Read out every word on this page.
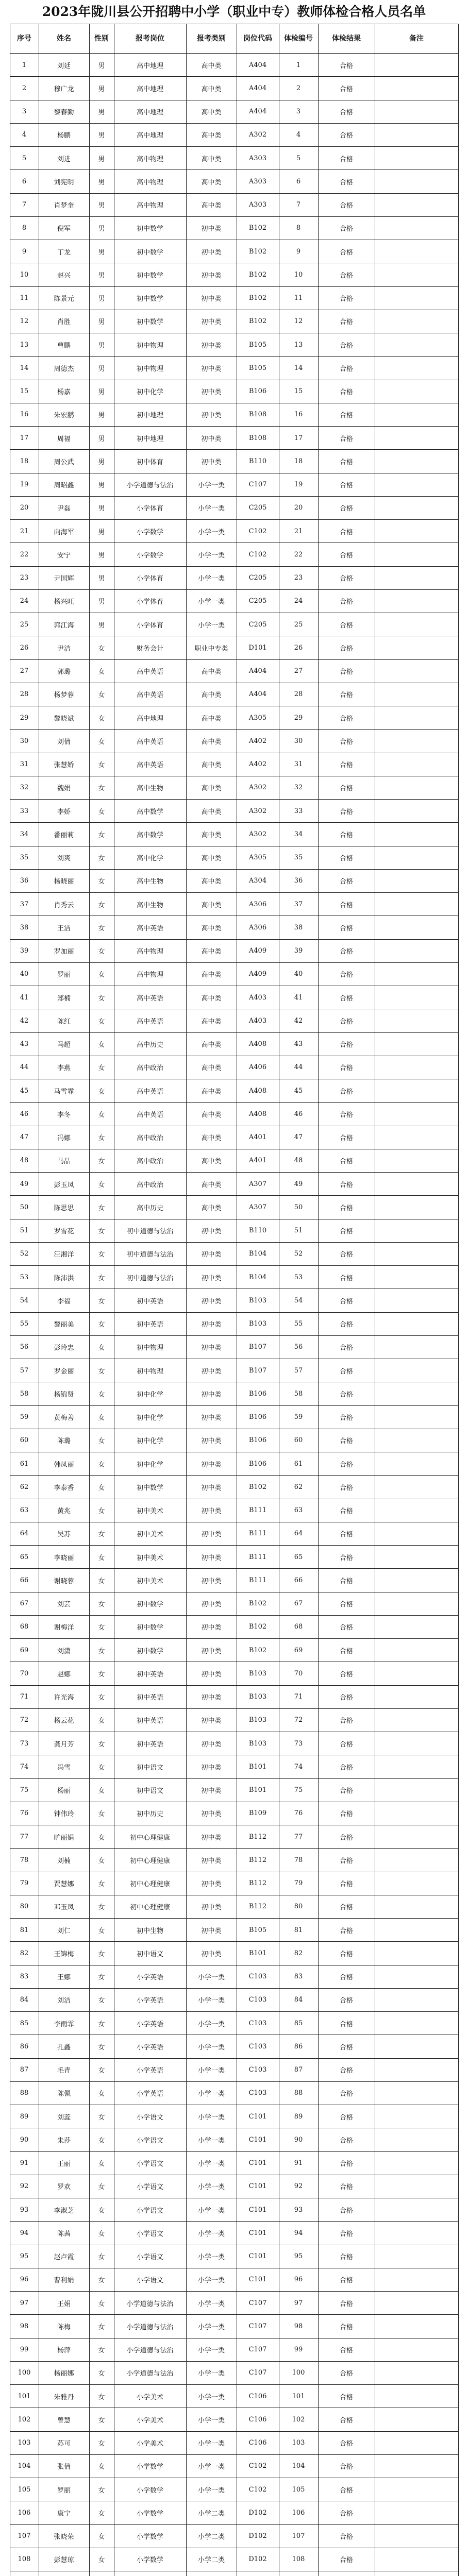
2023年陇川县公开招聘中小学（职业中专）教师体检合格人员名单
序号	姓名	性别	报考岗位	报考类别	岗位代码	体检编号	体检结果	备注
1	刘廷	男	高中地理	高中类	A404	1	合格	
2	穆广龙	男	高中地理	高中类	A404	2	合格	
3	黎春勤	男	高中地理	高中类	A404	3	合格	
4	杨鹏	男	高中地理	高中类	A302	4	合格	
5	刘进	男	高中物理	高中类	A303	5	合格	
6	刘宪明	男	高中物理	高中类	A303	6	合格	
7	肖梦奎	男	高中物理	高中类	A303	7	合格	
8	倪军	男	初中数学	初中类	B102	8	合格	
9	丁龙	男	初中数学	初中类	B102	9	合格	
10	赵兴	男	初中数学	初中类	B102	10	合格	
11	陈景元	男	初中数学	初中类	B102	11	合格	
12	肖胜	男	初中数学	初中类	B102	12	合格	
13	曹鹏	男	初中物理	初中类	B105	13	合格	
14	周德杰	男	初中物理	初中类	B105	14	合格	
15	杨嘉	男	初中化学	初中类	B106	15	合格	
16	朱宏鹏	男	初中地理	初中类	B108	16	合格	
17	周福	男	初中地理	初中类	B108	17	合格	
18	周公武	男	初中体育	初中类	B110	18	合格	
19	周昭鑫	男	小学道德与法治	小学一类	C107	19	合格	
20	尹磊	男	小学体育	小学一类	C205	20	合格	
21	向海军	男	小学数学	小学一类	C102	21	合格	
22	安宁	男	小学数学	小学一类	C102	22	合格	
23	尹国辉	男	小学体育	小学一类	C205	23	合格	
24	杨兴旺	男	小学体育	小学一类	C205	24	合格	
25	郭江海	男	小学体育	小学一类	C205	25	合格	
26	尹洁	女	财务会计	职业中专类	D101	26	合格	
27	郭璐	女	高中英语	高中类	A404	27	合格	
28	杨梦蓉	女	高中英语	高中类	A404	28	合格	
29	黎晓斌	女	高中地理	高中类	A305	29	合格	
30	刘倩	女	高中英语	高中类	A402	30	合格	
31	张慧娇	女	高中英语	高中类	A402	31	合格	
32	魏娟	女	高中生物	高中类	A302	32	合格	
33	李娇	女	高中数学	高中类	A302	33	合格	
34	番丽莉	女	高中数学	高中类	A302	34	合格	
35	刘爽	女	高中化学	高中类	A305	35	合格	
36	杨晓丽	女	高中生物	高中类	A304	36	合格	
37	肖秀云	女	高中生物	高中类	A306	37	合格	
38	王洁	女	高中英语	高中类	A306	38	合格	
39	罗加丽	女	高中物理	高中类	A409	39	合格	
40	罗丽	女	高中物理	高中类	A409	40	合格	
41	郑楠	女	高中英语	高中类	A403	41	合格	
42	陈红	女	高中英语	高中类	A403	42	合格	
43	马超	女	高中历史	高中类	A408	43	合格	
44	李燕	女	高中政治	高中类	A406	44	合格	
45	马雪霏	女	高中英语	高中类	A408	45	合格	
46	李冬	女	高中英语	高中类	A408	46	合格	
47	冯娜	女	高中政治	高中类	A401	47	合格	
48	马晶	女	高中政治	高中类	A401	48	合格	
49	彭玉凤	女	高中政治	高中类	A307	49	合格	
50	陈思思	女	高中历史	高中类	A307	50	合格	
51	罗雪花	女	初中道德与法治	初中类	B110	51	合格	
52	汪湘洋	女	初中道德与法治	初中类	B104	52	合格	
53	陈沛洪	女	初中道德与法治	初中类	B104	53	合格	
54	李福	女	初中英语	初中类	B103	54	合格	
55	黎丽美	女	初中英语	初中类	B103	55	合格	
56	彭玲忠	女	初中物理	初中类	B107	56	合格	
57	罗金丽	女	初中物理	初中类	B107	57	合格	
58	杨锦贤	女	初中化学	初中类	B106	58	合格	
59	黄梅善	女	初中化学	初中类	B106	59	合格	
60	陈璐	女	初中化学	初中类	B106	60	合格	
61	韩凤丽	女	初中化学	初中类	B106	61	合格	
62	李泰香	女	初中数学	初中类	B102	62	合格	
63	黄兆	女	初中美术	初中类	B111	63	合格	
64	吴苏	女	初中美术	初中类	B111	64	合格	
65	李晓丽	女	初中美术	初中类	B111	65	合格	
66	谢晓蓉	女	初中美术	初中类	B111	66	合格	
67	刘芸	女	初中数学	初中类	B102	67	合格	
68	谢梅洋	女	初中数学	初中类	B102	68	合格	
69	刘潇	女	初中数学	初中类	B102	69	合格	
70	赵娜	女	初中英语	初中类	B103	70	合格	
71	许光海	女	初中英语	初中类	B103	71	合格	
72	杨云花	女	初中英语	初中类	B103	72	合格	
73	龚月芳	女	初中英语	初中类	B103	73	合格	
74	冯雪	女	初中语文	初中类	B101	74	合格	
75	杨丽	女	初中语文	初中类	B101	75	合格	
76	钟伟玲	女	初中历史	初中类	B109	76	合格	
77	旷丽娟	女	初中心理健康	初中类	B112	77	合格	
78	刘楠	女	初中心理健康	初中类	B112	78	合格	
79	贾慧娜	女	初中心理健康	初中类	B112	79	合格	
80	邓玉凤	女	初中心理健康	初中类	B112	80	合格	
81	刘仁	女	初中生物	初中类	B105	81	合格	
82	王锦梅	女	初中语文	初中类	B101	82	合格	
83	王娜	女	小学英语	小学一类	C103	83	合格	
84	刘洁	女	小学英语	小学一类	C103	84	合格	
85	李雨霏	女	小学英语	小学一类	C103	85	合格	
86	孔鑫	女	小学英语	小学一类	C103	86	合格	
87	毛青	女	小学英语	小学一类	C103	87	合格	
88	陈佩	女	小学英语	小学一类	C103	88	合格	
89	刘蕊	女	小学语文	小学一类	C101	89	合格	
90	朱莎	女	小学语文	小学一类	C101	90	合格	
91	王丽	女	小学语文	小学一类	C101	91	合格	
92	罗欢	女	小学语文	小学一类	C101	92	合格	
93	李淑芝	女	小学语文	小学一类	C101	93	合格	
94	陈茜	女	小学语文	小学一类	C101	94	合格	
95	赵卢霞	女	小学语文	小学一类	C101	95	合格	
96	曹利娟	女	小学语文	小学一类	C101	96	合格	
97	王娟	女	小学道德与法治	小学一类	C107	97	合格	
98	陈梅	女	小学道德与法治	小学一类	C107	98	合格	
99	杨萍	女	小学道德与法治	小学一类	C107	99	合格	
100	杨丽娜	女	小学道德与法治	小学一类	C107	100	合格	
101	朱雅丹	女	小学美术	小学一类	C106	101	合格	
102	曾慧	女	小学美术	小学一类	C106	102	合格	
103	苏可	女	小学美术	小学一类	C106	103	合格	
104	张倩	女	小学数学	小学一类	C102	104	合格	
105	罗丽	女	小学数学	小学一类	C102	105	合格	
106	康宁	女	小学数学	小学二类	D102	106	合格	
107	张晓荣	女	小学数学	小学二类	D102	107	合格	
108	彭慧琼	女	小学数学	小学二类	D102	108	合格	
